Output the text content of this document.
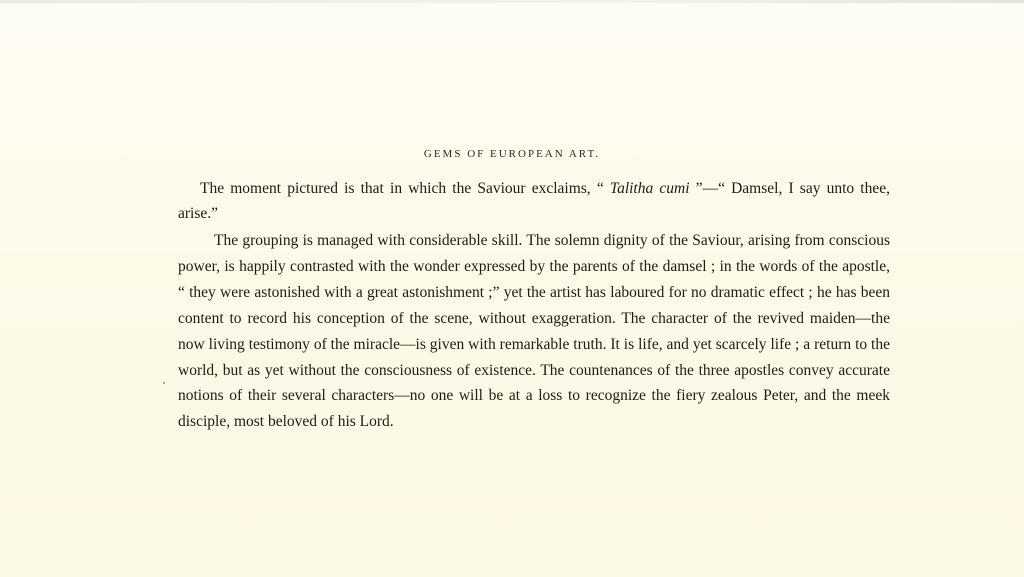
GEMS OF EUROPEAN ART.

The moment pictured is that in which the Saviour exclaims, “ Talitha cumi ”—“ Damsel, I say unto thee, arise.”

The grouping is managed with considerable skill. The solemn dignity of the Saviour, arising from conscious power, is happily contrasted with the wonder expressed by the parents of the damsel ; in the words of the apostle, “ they were astonished with a great astonishment ;” yet the artist has laboured for no dramatic effect ; he has been content to record his conception of the scene, without exaggeration. The character of the revived maiden—the now living testimony of the miracle—is given with remarkable truth. It is life, and yet scarcely life ; a return to the world, but as yet without the consciousness of existence. The countenances of the three apostles convey accurate notions of their several characters—no one will be at a loss to recognize the fiery zealous Peter, and the meek disciple, most beloved of his Lord.
